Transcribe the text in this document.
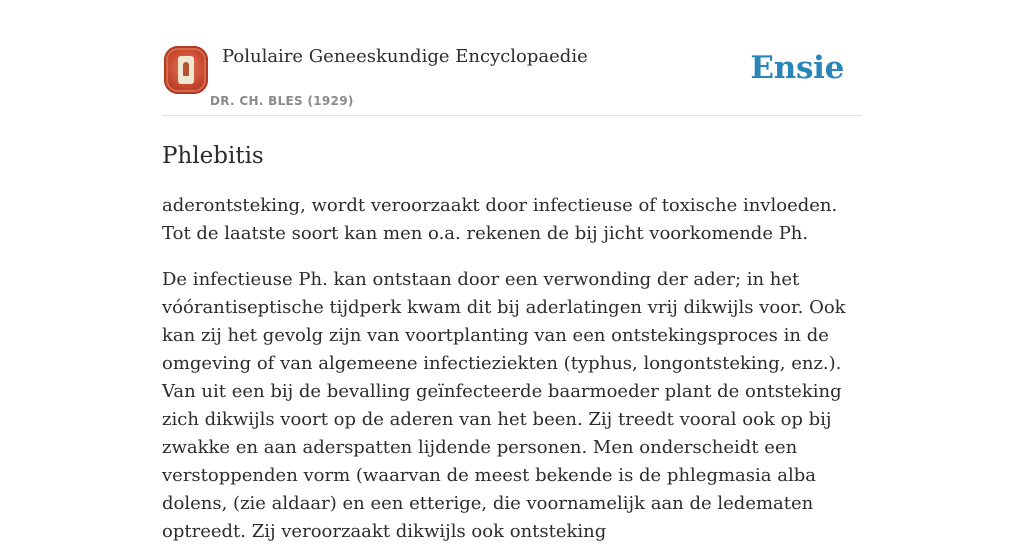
Polulaire Geneeskundige Encyclopaedie
DR. CH. BLES (1929)
Ensie
Phlebitis

aderontsteking, wordt veroorzaakt door infectieuse of toxische invloeden. Tot de laatste soort kan men o.a. rekenen de bij jicht voorkomende Ph.

De infectieuse Ph. kan ontstaan door een verwonding der ader; in het vóórantiseptische tijdperk kwam dit bij aderlatingen vrij dikwijls voor. Ook kan zij het gevolg zijn van voortplanting van een ontstekingsproces in de omgeving of van algemeene infectieziekten (typhus, longontsteking, enz.). Van uit een bij de bevalling geïnfecteerde baarmoeder plant de ontsteking zich dikwijls voort op de aderen van het been. Zij treedt vooral ook op bij zwakke en aan aderspatten lijdende personen. Men onderscheidt een verstoppenden vorm (waarvan de meest bekende is de phlegmasia alba dolens, (zie aldaar) en een etterige, die voornamelijk aan de ledematen optreedt. Zij veroorzaakt dikwijls ook ontsteking
